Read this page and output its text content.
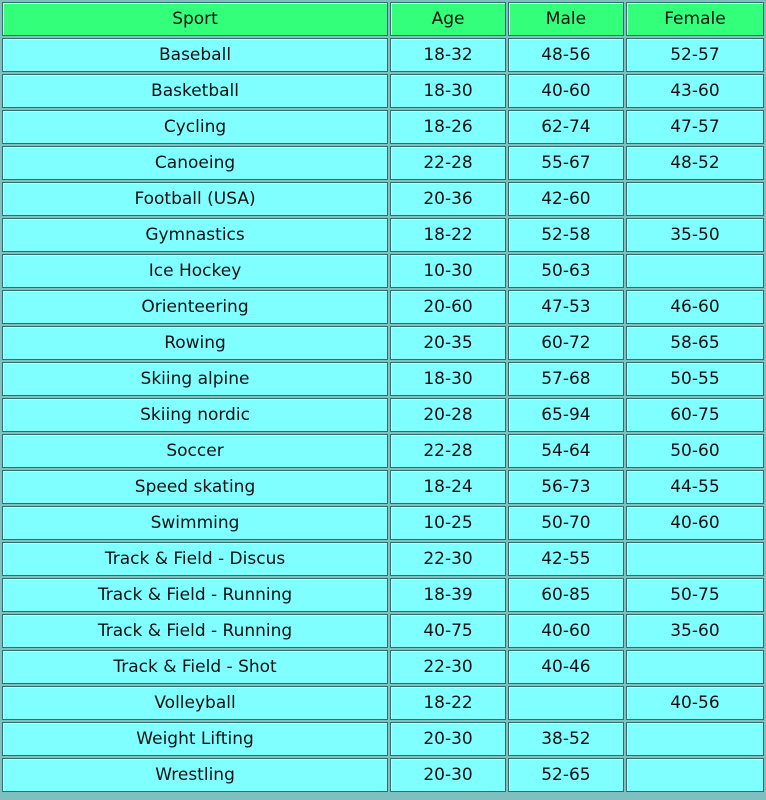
Sport	Age	Male	Female
Baseball	18-32	48-56	52-57
Basketball	18-30	40-60	43-60
Cycling	18-26	62-74	47-57
Canoeing	22-28	55-67	48-52
Football (USA)	20-36	42-60	
Gymnastics	18-22	52-58	35-50
Ice Hockey	10-30	50-63	
Orienteering	20-60	47-53	46-60
Rowing	20-35	60-72	58-65
Skiing alpine	18-30	57-68	50-55
Skiing nordic	20-28	65-94	60-75
Soccer	22-28	54-64	50-60
Speed skating	18-24	56-73	44-55
Swimming	10-25	50-70	40-60
Track & Field - Discus	22-30	42-55	
Track & Field - Running	18-39	60-85	50-75
Track & Field - Running	40-75	40-60	35-60
Track & Field - Shot	22-30	40-46	
Volleyball	18-22		40-56
Weight Lifting	20-30	38-52	
Wrestling	20-30	52-65	
